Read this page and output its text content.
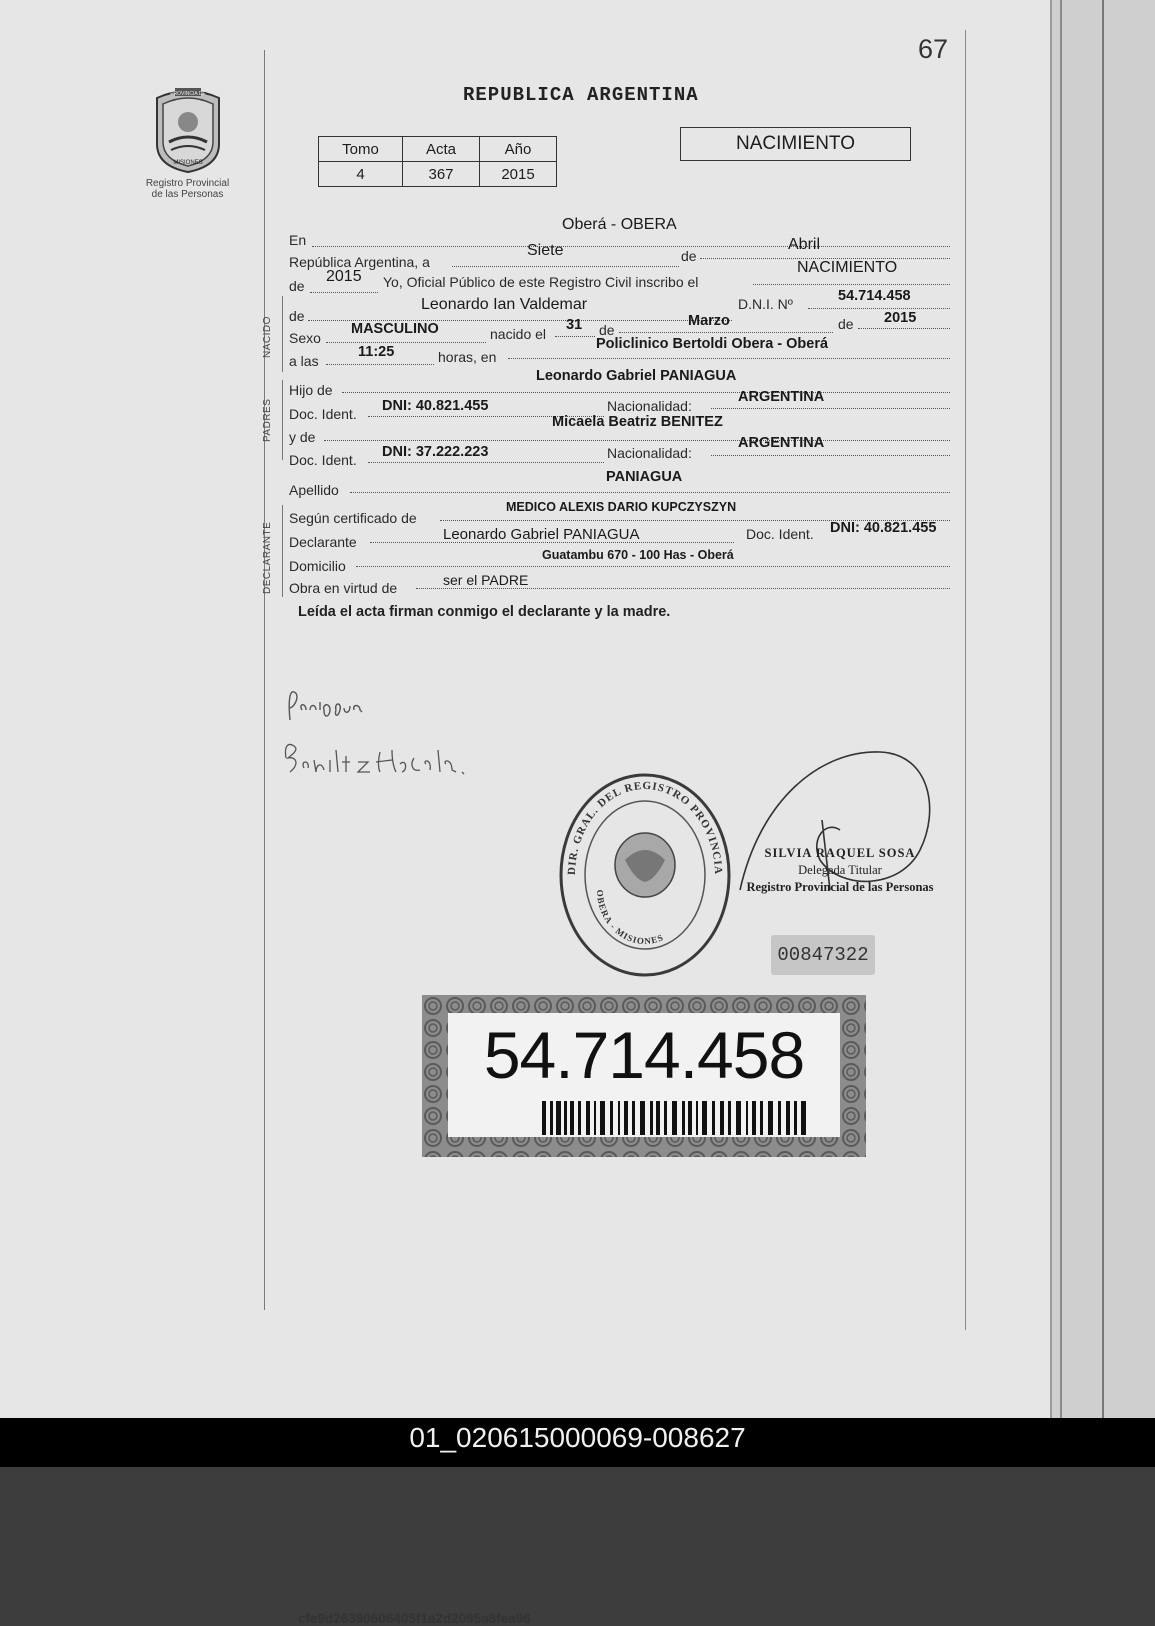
67
PROVINCIA DE
MISIONES
Registro Provincial
de las Personas
REPUBLICA ARGENTINA
Tomo	Acta	Año
4	367	2015
NACIMIENTO
En
Oberá - OBERA
República Argentina, a
Siete	de
Abril
de
2015 Yo, Oficial Público de este Registro Civil inscribo el
NACIMIENTO
NACIDO
de
Leonardo Ian Valdemar	D.N.I. Nº	54.714.458
Sexo
MASCULINO	nacido el
31 de
Marzo	de 2015
a las
11:25	horas, en
Policlinico Bertoldi Obera - Oberá
PADRES
Hijo de
Leonardo Gabriel PANIAGUA
Doc. Ident. DNI: 40.821.455	Nacionalidad:
ARGENTINA
y de
Micaela Beatriz BENITEZ
Doc. Ident. DNI: 37.222.223	Nacionalidad:
ARGENTINA
Apellido
PANIAGUA
DECLARANTE
Según certificado de
MEDICO ALEXIS DARIO KUPCZYSZYN
Declarante	Leonardo Gabriel PANIAGUA	Doc. Ident. DNI: 40.821.455
Domicilio
Guatambu 670 - 100 Has - Oberá
Obra en virtud de	ser el PADRE
Leída el acta firman conmigo el declarante y la madre.
DIR. GRAL. DEL REGISTRO PROVINCIA
OBERA - MISIONES
SILVIA RAQUEL SOSA
Delegada Titular
Registro Provincial de las Personas
00847322
54.714.458
cfe9d26390606405f1a2d2095a8fea96
01_020615000069-008627
